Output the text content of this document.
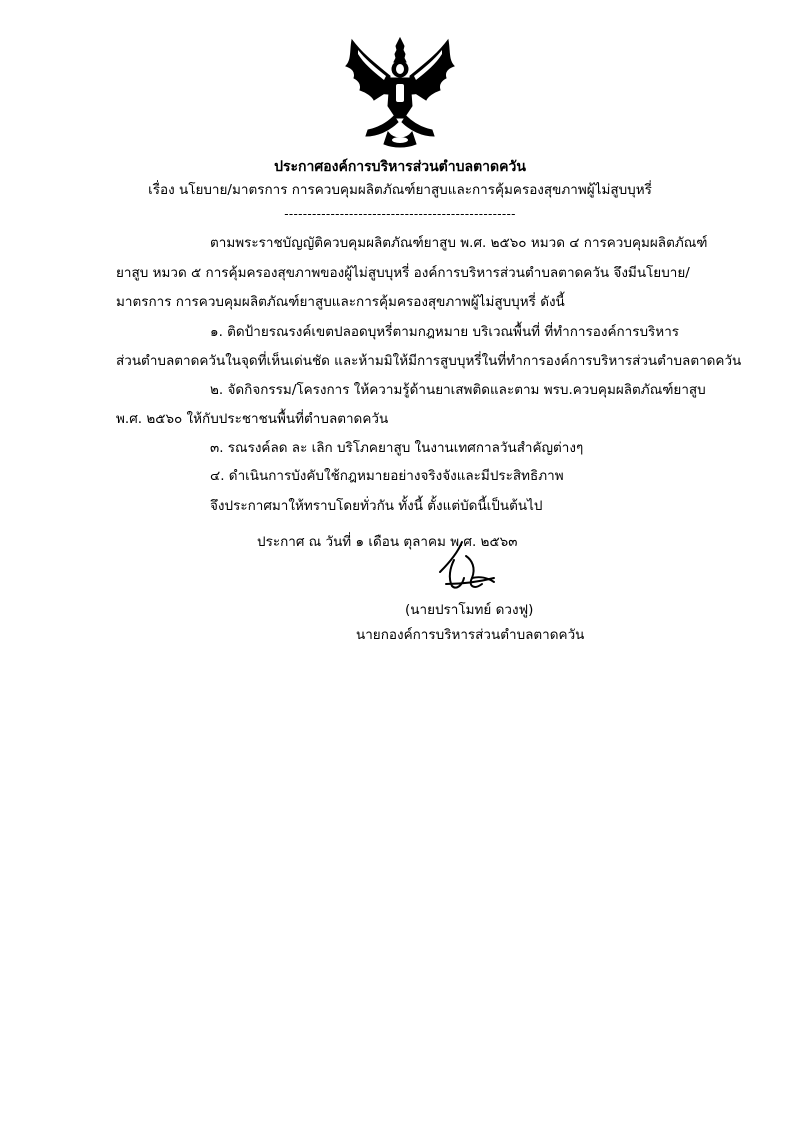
ประกาศองค์การบริหารส่วนตำบลตาดควัน
เรื่อง นโยบาย/มาตรการ การควบคุมผลิตภัณฑ์ยาสูบและการคุ้มครองสุขภาพผู้ไม่สูบบุหรี่
--------------------------------------------------
ตามพระราชบัญญัติควบคุมผลิตภัณฑ์ยาสูบ พ.ศ. ๒๕๖๐ หมวด ๔ การควบคุมผลิตภัณฑ์
ยาสูบ หมวด ๕ การคุ้มครองสุขภาพของผู้ไม่สูบบุหรี่ องค์การบริหารส่วนตำบลตาดควัน จึงมีนโยบาย/
มาตรการ การควบคุมผลิตภัณฑ์ยาสูบและการคุ้มครองสุขภาพผู้ไม่สูบบุหรี่ ดังนี้
๑. ติดป้ายรณรงค์เขตปลอดบุหรี่ตามกฎหมาย บริเวณพื้นที่ ที่ทำการองค์การบริหาร
ส่วนตำบลตาดควันในจุดที่เห็นเด่นชัด และห้ามมิให้มีการสูบบุหรี่ในที่ทำการองค์การบริหารส่วนตำบลตาดควัน
๒. จัดกิจกรรม/โครงการ ให้ความรู้ด้านยาเสพติดและตาม พรบ.ควบคุมผลิตภัณฑ์ยาสูบ
พ.ศ. ๒๕๖๐ ให้กับประชาชนพื้นที่ตำบลตาดควัน
๓. รณรงค์ลด ละ เลิก บริโภคยาสูบ ในงานเทศกาลวันสำคัญต่างๆ
๔. ดำเนินการบังคับใช้กฎหมายอย่างจริงจังและมีประสิทธิภาพ
จึงประกาศมาให้ทราบโดยทั่วกัน ทั้งนี้ ตั้งแต่บัดนี้เป็นต้นไป
ประกาศ ณ วันที่ ๑ เดือน ตุลาคม พ.ศ. ๒๕๖๓
(นายปราโมทย์ ดวงฟู)
นายกองค์การบริหารส่วนตำบลตาดควัน
